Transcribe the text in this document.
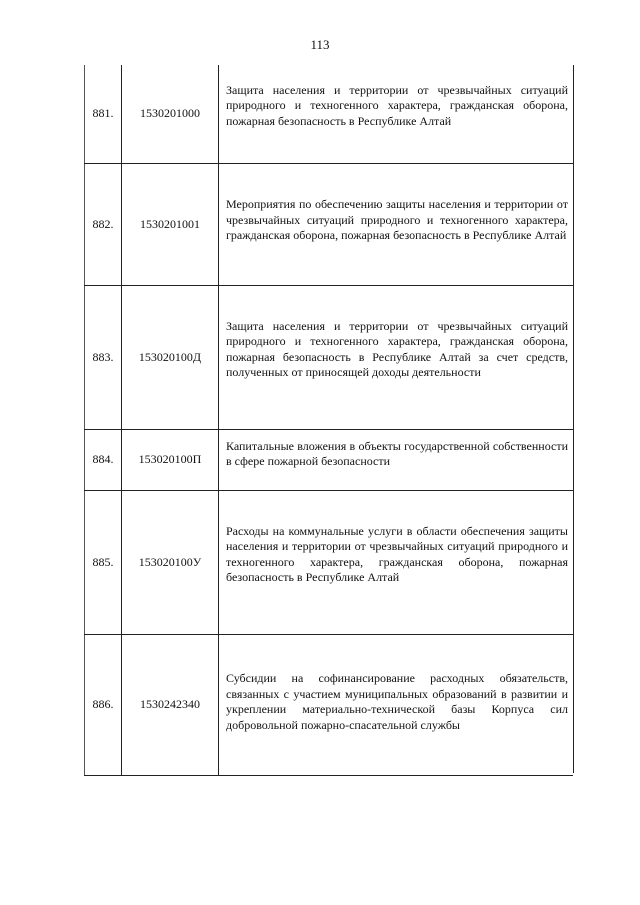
113
881.	1530201000	Защита населения и территории от чрезвычайных ситуаций природного и техногенного характера, гражданская оборона, пожарная безопасность в Республике Алтай

882.	1530201001	Мероприятия по обеспечению защиты населения и территории от чрезвычайных ситуаций природного и техногенного характера, гражданская оборона, пожарная безопасность в Республике Алтай

883.	153020100Д	Защита населения и территории от чрезвычайных ситуаций природного и техногенного характера, гражданская оборона, пожарная безопасность в Республике Алтай за счет средств, полученных от приносящей доходы деятельности

884.	153020100П	Капитальные вложения в объекты государственной собственности в сфере пожарной безопасности

885.	153020100У	Расходы на коммунальные услуги в области обеспечения защиты населения и территории от чрезвычайных ситуаций природного и техногенного характера, гражданская оборона, пожарная безопасность в Республике Алтай

886.	1530242340	Субсидии на софинансирование расходных обязательств, связанных с участием муниципальных образований в развитии и укреплении материально-технической базы Корпуса сил добровольной пожарно-спасательной службы
